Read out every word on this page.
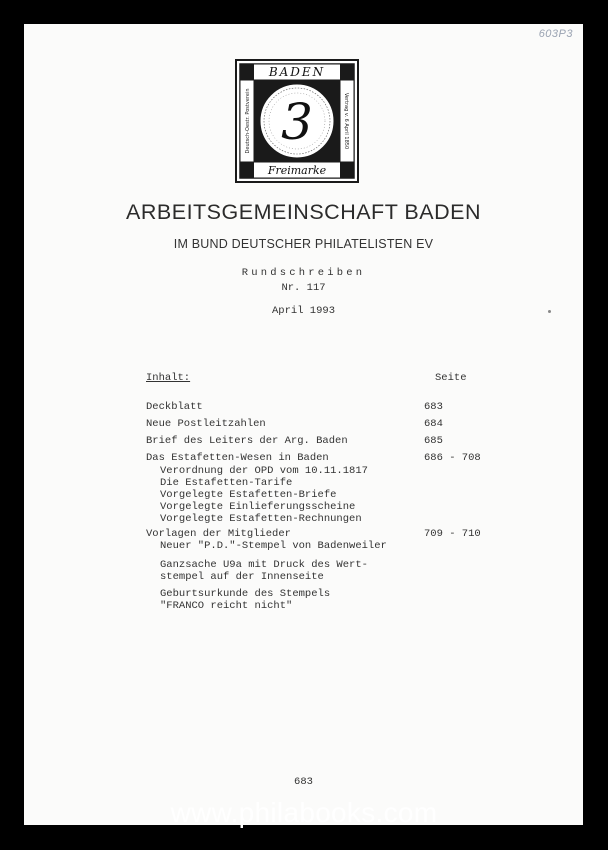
603P3
BADEN
Freimarke
Deutsch-Oestr. Postverein	Vertrag v. 6 April 1850
3
ARBEITSGEMEINSCHAFT BADEN
IM BUND DEUTSCHER PHILATELISTEN EV
Rundschreiben
Nr. 117
April 1993
Inhalt:	Seite
Deckblatt	683
Neue Postleitzahlen	684
Brief des Leiters der Arg. Baden	685
Das Estafetten-Wesen in Baden	686 - 708
Verordnung der OPD vom 10.11.1817
Die Estafetten-Tarife
Vorgelegte Estafetten-Briefe
Vorgelegte Einlieferungsscheine
Vorgelegte Estafetten-Rechnungen
Vorlagen der Mitglieder	709 - 710
Neuer "P.D."-Stempel von Badenweiler
Ganzsache U9a mit Druck des Wert-
stempel auf der Innenseite
Geburtsurkunde des Stempels
"FRANCO reicht nicht"
683
www.philabooks.com
